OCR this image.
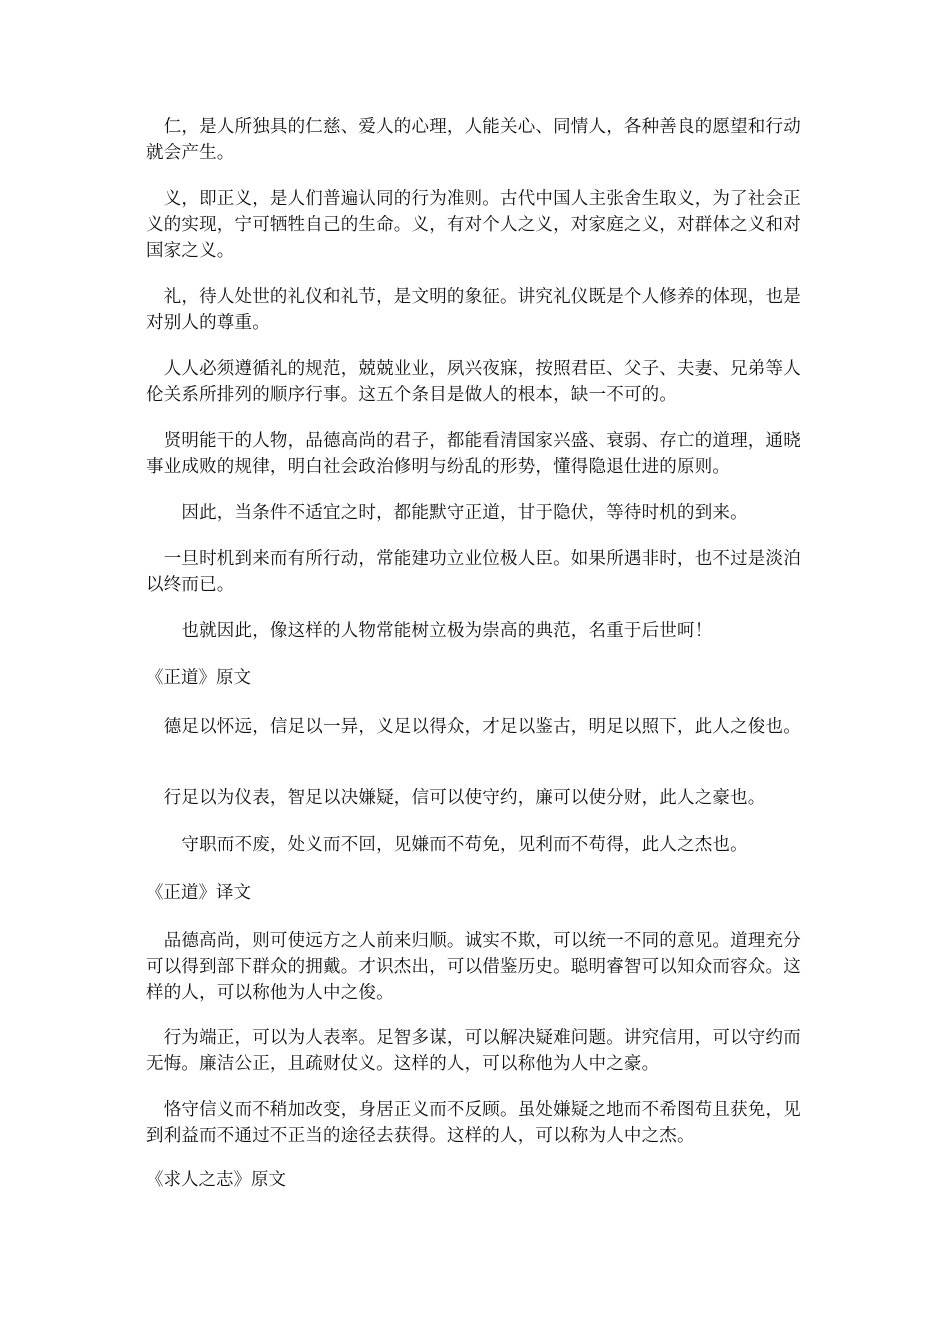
　仁，是人所独具的仁慈、爱人的心理，人能关心、同情人，各种善良的愿望和行动就会产生。

　义，即正义，是人们普遍认同的行为准则。古代中国人主张舍生取义，为了社会正义的实现，宁可牺牲自己的生命。义，有对个人之义，对家庭之义，对群体之义和对国家之义。

　礼，待人处世的礼仪和礼节，是文明的象征。讲究礼仪既是个人修养的体现，也是对别人的尊重。

　人人必须遵循礼的规范，兢兢业业，夙兴夜寐，按照君臣、父子、夫妻、兄弟等人伦关系所排列的顺序行事。这五个条目是做人的根本，缺一不可的。

　贤明能干的人物，品德高尚的君子，都能看清国家兴盛、衰弱、存亡的道理，通晓事业成败的规律，明白社会政治修明与纷乱的形势，懂得隐退仕进的原则。

　　因此，当条件不适宜之时，都能默守正道，甘于隐伏，等待时机的到来。

　一旦时机到来而有所行动，常能建功立业位极人臣。如果所遇非时，也不过是淡泊以终而已。

　　也就因此，像这样的人物常能树立极为崇高的典范，名重于后世呵！

《正道》原文

　德足以怀远，信足以一异，义足以得众，才足以鉴古，明足以照下，此人之俊也。

　行足以为仪表，智足以决嫌疑，信可以使守约，廉可以使分财，此人之豪也。

　　守职而不废，处义而不回，见嫌而不苟免，见利而不苟得，此人之杰也。

《正道》译文

　品德高尚，则可使远方之人前来归顺。诚实不欺，可以统一不同的意见。道理充分可以得到部下群众的拥戴。才识杰出，可以借鉴历史。聪明睿智可以知众而容众。这样的人，可以称他为人中之俊。

　行为端正，可以为人表率。足智多谋，可以解决疑难问题。讲究信用，可以守约而无悔。廉洁公正，且疏财仗义。这样的人，可以称他为人中之豪。

　恪守信义而不稍加改变，身居正义而不反顾。虽处嫌疑之地而不希图苟且获免，见到利益而不通过不正当的途径去获得。这样的人，可以称为人中之杰。

《求人之志》原文
